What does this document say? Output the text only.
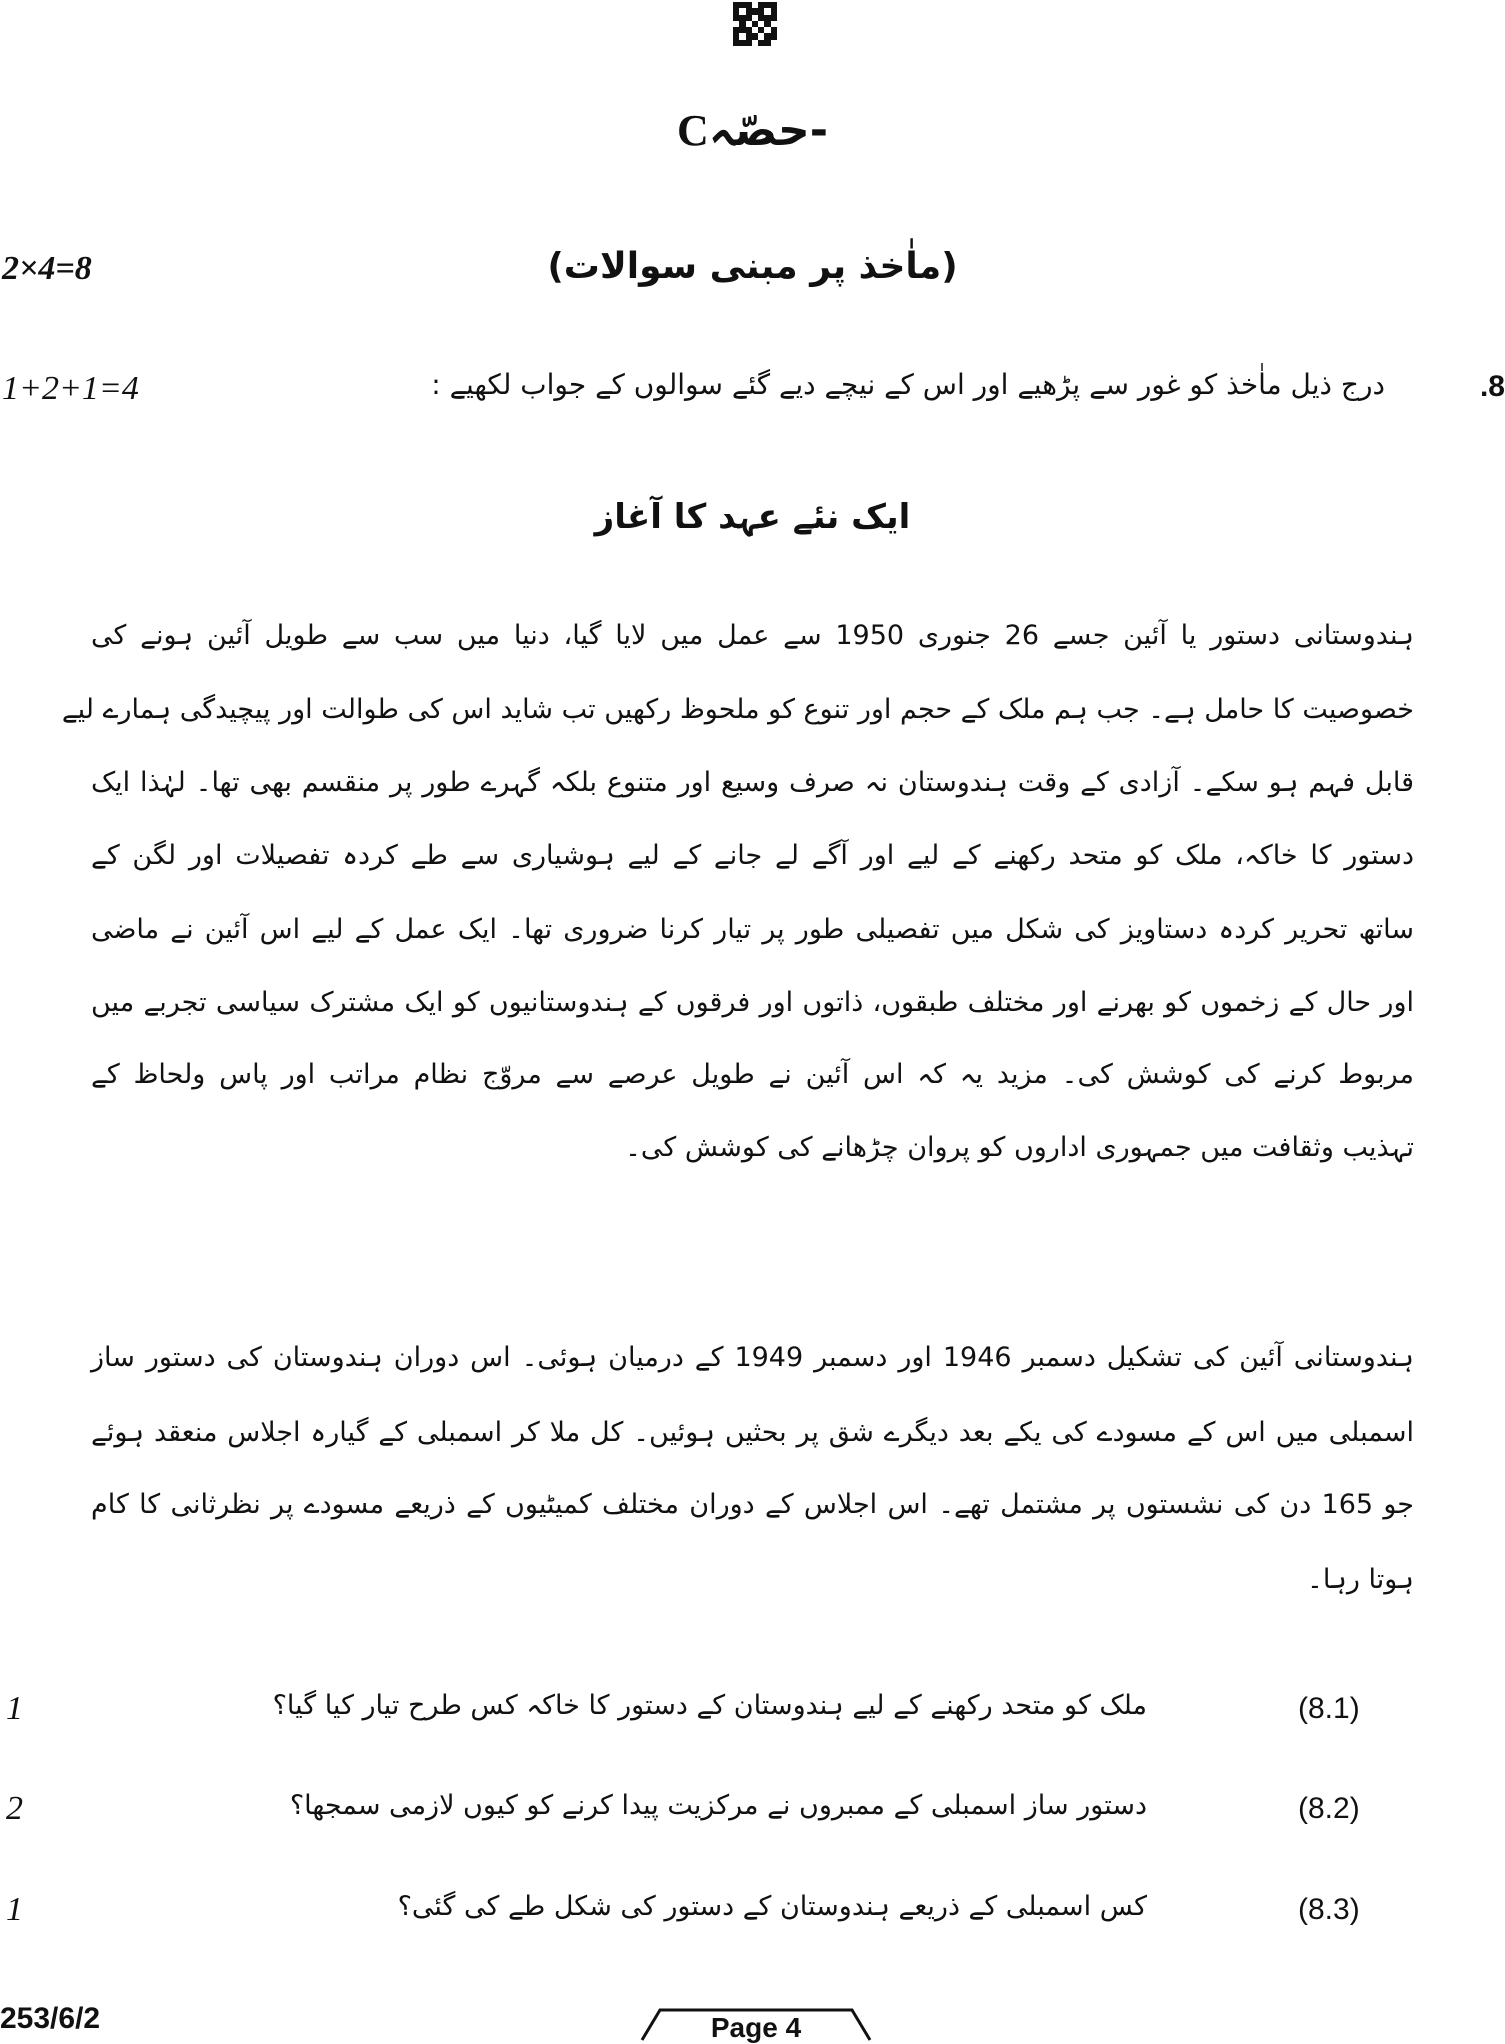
Cحصّہ-
2×4=8	(ماٰخذ پر مبنی سوالات)
.8
درج ذیل ماٰخذ کو غور سے پڑھیے اور اس کے نیچے دیے گئے سوالوں کے جواب لکھیے :
1+2+1=4
ایک نئے عہد کا آغاز
ہندوستانی دستور یا آئین جسے 26 جنوری 1950 سے عمل میں لایا گیا، دنیا میں سب سے طویل آئین ہونے کی
خصوصیت کا حامل ہے۔ جب ہم ملک کے حجم اور تنوع کو ملحوظ رکھیں تب شاید اس کی طوالت اور پیچیدگی ہمارے لیے
قابل فہم ہو سکے۔ آزادی کے وقت ہندوستان نہ صرف وسیع اور متنوع بلکہ گہرے طور پر منقسم بھی تھا۔ لہٰذا ایک
دستور کا خاکہ، ملک کو متحد رکھنے کے لیے اور آگے لے جانے کے لیے ہوشیاری سے طے کردہ تفصیلات اور لگن کے
ساتھ تحریر کردہ دستاویز کی شکل میں تفصیلی طور پر تیار کرنا ضروری تھا۔ ایک عمل کے لیے اس آئین نے ماضی
اور حال کے زخموں کو بھرنے اور مختلف طبقوں، ذاتوں اور فرقوں کے ہندوستانیوں کو ایک مشترک سیاسی تجربے میں
مربوط کرنے کی کوشش کی۔ مزید یہ کہ اس آئین نے طویل عرصے سے مروّج نظام مراتب اور پاس ولحاظ کے
تہذیب وثقافت میں جمہوری اداروں کو پروان چڑھانے کی کوشش کی۔
ہندوستانی آئین کی تشکیل دسمبر 1946 اور دسمبر 1949 کے درمیان ہوئی۔ اس دوران ہندوستان کی دستور ساز
اسمبلی میں اس کے مسودے کی یکے بعد دیگرے شق پر بحثیں ہوئیں۔ کل ملا کر اسمبلی کے گیارہ اجلاس منعقد ہوئے
جو 165 دن کی نشستوں پر مشتمل تھے۔ اس اجلاس کے دوران مختلف کمیٹیوں کے ذریعے مسودے پر نظرثانی کا کام
ہوتا رہا۔
(8.1)
ملک کو متحد رکھنے کے لیے ہندوستان کے دستور کا خاکہ کس طرح تیار کیا گیا؟
1
(8.2)
دستور ساز اسمبلی کے ممبروں نے مرکزیت پیدا کرنے کو کیوں لازمی سمجھا؟
2
(8.3)
کس اسمبلی کے ذریعے ہندوستان کے دستور کی شکل طے کی گئی؟
1
253/6/2	Page 4
